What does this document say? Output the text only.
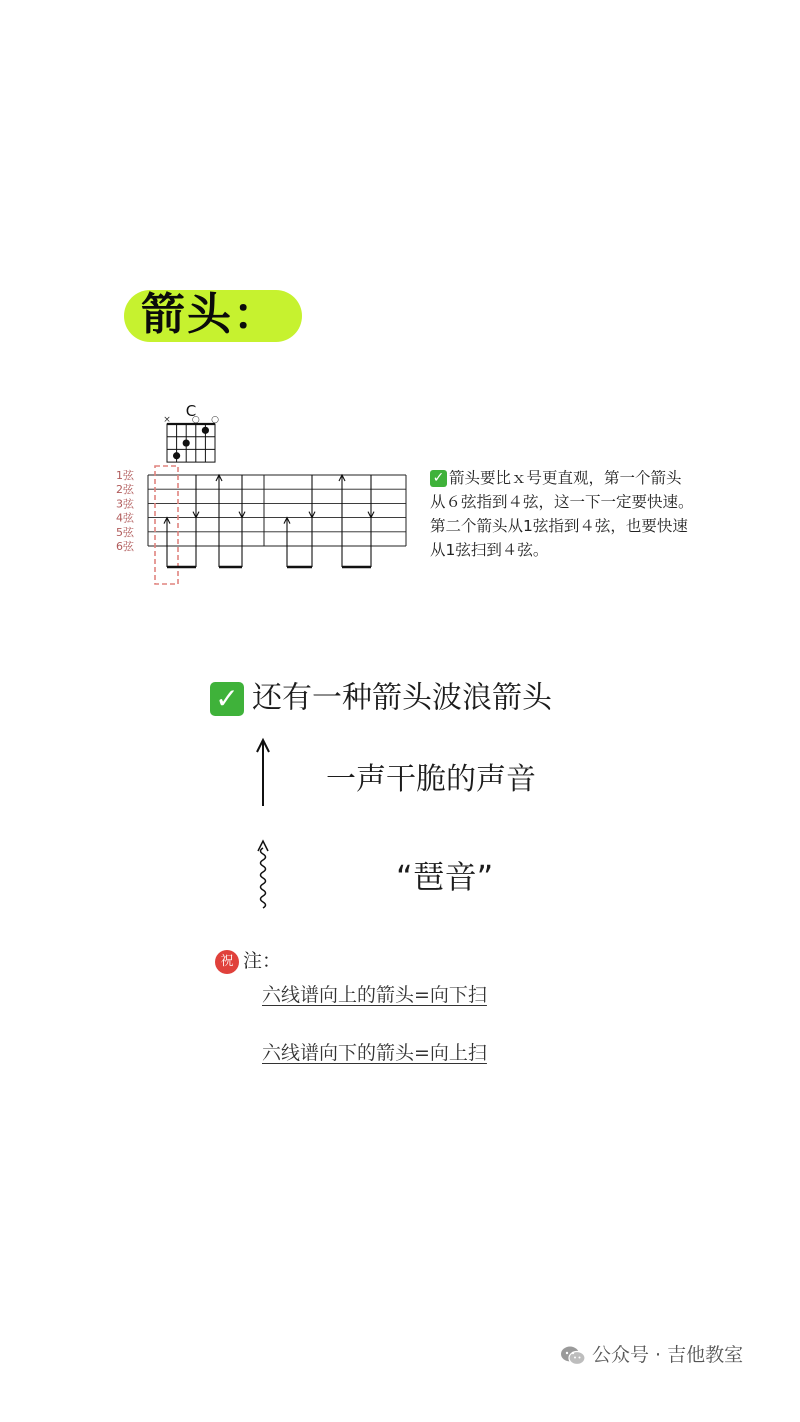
箭头：
C
× ○ ○
1弦
2弦
3弦
4弦
5弦
6弦

✓ 箭头要比ｘ号更直观，第一个箭头

从６弦指到４弦，这一下一定要快速。

第二个箭头从1弦指到４弦，也要快速

从1弦扫到４弦。

✓ 还有一种箭头波浪箭头
一声干脆的声音
“琶音”
祝 注：
六线谱向上的箭头=向下扫
六线谱向下的箭头=向上扫
公众号 · 吉他教室
